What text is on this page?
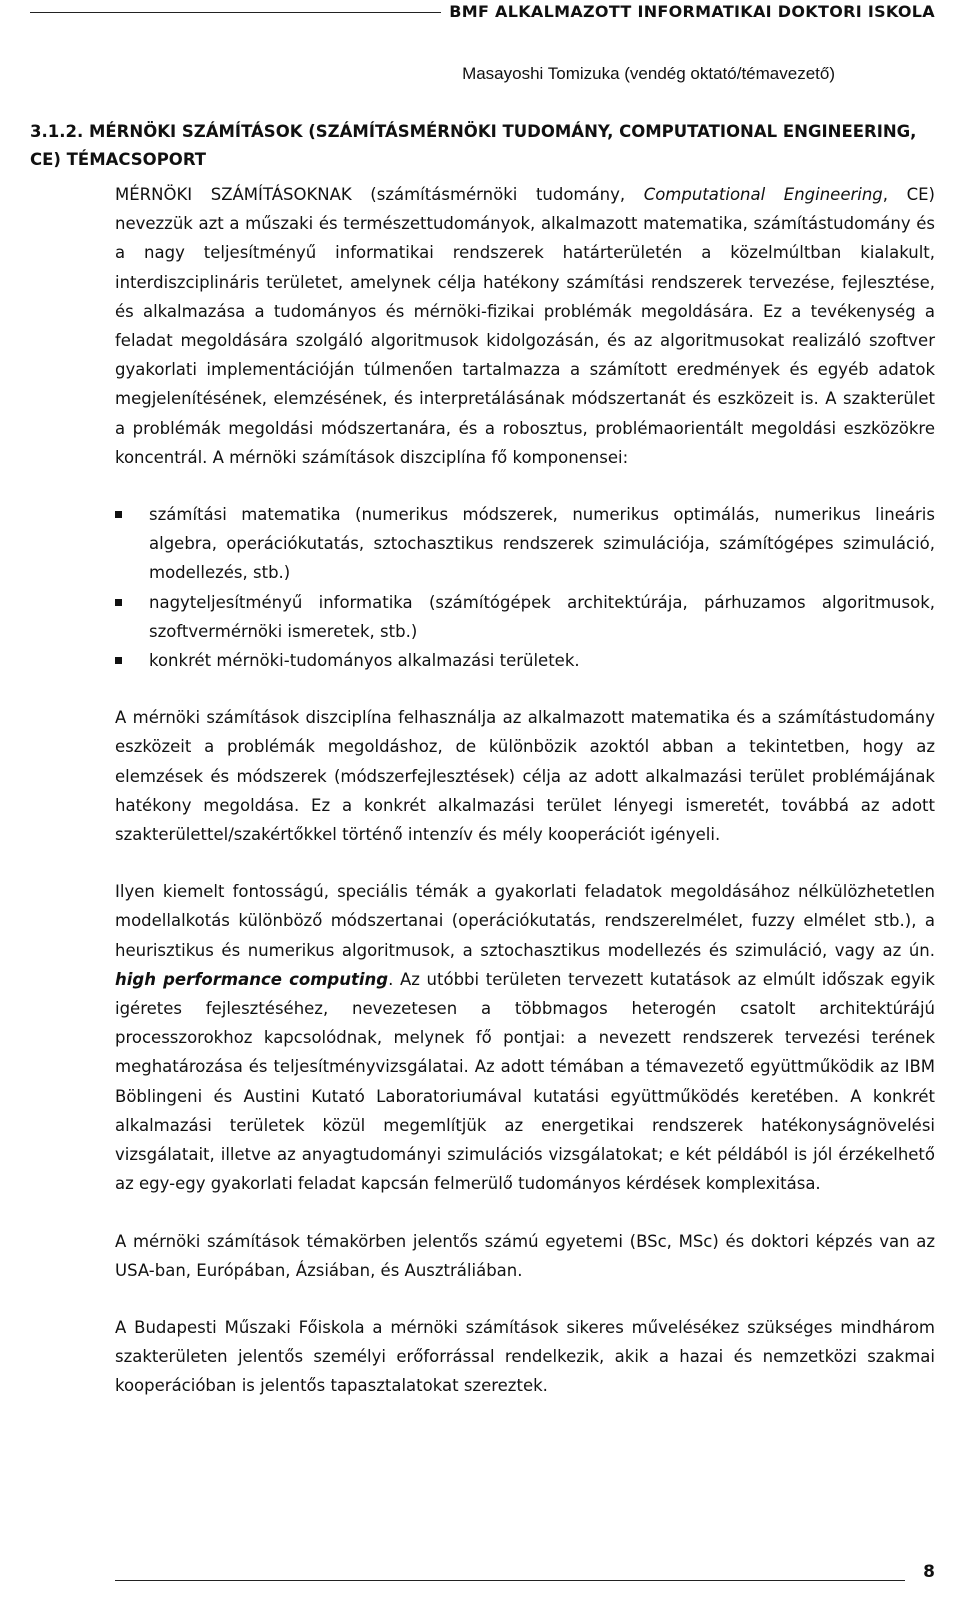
BMF ALKALMAZOTT INFORMATIKAI DOKTORI ISKOLA
Masayoshi Tomizuka (vendég oktató/témavezető)
3.1.2. MÉRNÖKI SZÁMÍTÁSOK (SZÁMÍTÁSMÉRNÖKI TUDOMÁNY, COMPUTATIONAL ENGINEERING, CE) TÉMACSOPORT

MÉRNÖKI SZÁMÍTÁSOKNAK (számításmérnöki tudomány, Computational Engineering, CE) nevezzük azt a műszaki és természettudományok, alkalmazott matematika, számítástudomány és a nagy teljesítményű informatikai rendszerek határterületén a közelmúltban kialakult, interdiszciplináris területet, amelynek célja hatékony számítási rendszerek tervezése, fejlesztése, és alkalmazása a tudományos és mérnöki-fizikai problémák megoldására. Ez a tevékenység a feladat megoldására szolgáló algoritmusok kidolgozásán, és az algoritmusokat realizáló szoftver gyakorlati implementációján túlmenően tartalmazza a számított eredmények és egyéb adatok megjelenítésének, elemzésének, és interpretálásának módszertanát és eszközeit is. A szakterület a problémák megoldási módszertanára, és a robosztus, problémaorientált megoldási eszközökre koncentrál. A mérnöki számítások diszciplína fő komponensei:

számítási matematika (numerikus módszerek, numerikus optimálás, numerikus lineáris algebra, operációkutatás, sztochasztikus rendszerek szimulációja, számítógépes szimuláció, modellezés, stb.)
nagyteljesítményű informatika (számítógépek architektúrája, párhuzamos algoritmusok, szoftvermérnöki ismeretek, stb.)
konkrét mérnöki-tudományos alkalmazási területek.

A mérnöki számítások diszciplína felhasználja az alkalmazott matematika és a számítástudomány eszközeit a problémák megoldáshoz, de különbözik azoktól abban a tekintetben, hogy az elemzések és módszerek (módszerfejlesztések) célja az adott alkalmazási terület problémájának hatékony megoldása. Ez a konkrét alkalmazási terület lényegi ismeretét, továbbá az adott szakterülettel/szakértőkkel történő intenzív és mély kooperációt igényeli.

Ilyen kiemelt fontosságú, speciális témák a gyakorlati feladatok megoldásához nélkülözhetetlen modellalkotás különböző módszertanai (operációkutatás, rendszerelmélet, fuzzy elmélet stb.), a heurisztikus és numerikus algoritmusok, a sztochasztikus modellezés és szimuláció, vagy az ún. high performance computing. Az utóbbi területen tervezett kutatások az elmúlt időszak egyik igéretes fejlesztéséhez, nevezetesen a többmagos heterogén csatolt architektúrájú processzorokhoz kapcsolódnak, melynek fő pontjai: a nevezett rendszerek tervezési terének meghatározása és teljesítményvizsgálatai. Az adott témában a témavezető együttműködik az IBM Böblingeni és Austini Kutató Laboratoriumával kutatási együttműködés keretében. A konkrét alkalmazási területek közül megemlítjük az energetikai rendszerek hatékonyságnövelési vizsgálatait, illetve az anyagtudományi szimulációs vizsgálatokat; e két példából is jól érzékelhető az egy-egy gyakorlati feladat kapcsán felmerülő tudományos kérdések komplexitása.

A mérnöki számítások témakörben jelentős számú egyetemi (BSc, MSc) és doktori képzés van az USA-ban, Európában, Ázsiában, és Ausztráliában.

A Budapesti Műszaki Főiskola a mérnöki számítások sikeres művelésékez szükséges mindhárom szakterületen jelentős személyi erőforrással rendelkezik, akik a hazai és nemzetközi szakmai kooperációban is jelentős tapasztalatokat szereztek.

8
